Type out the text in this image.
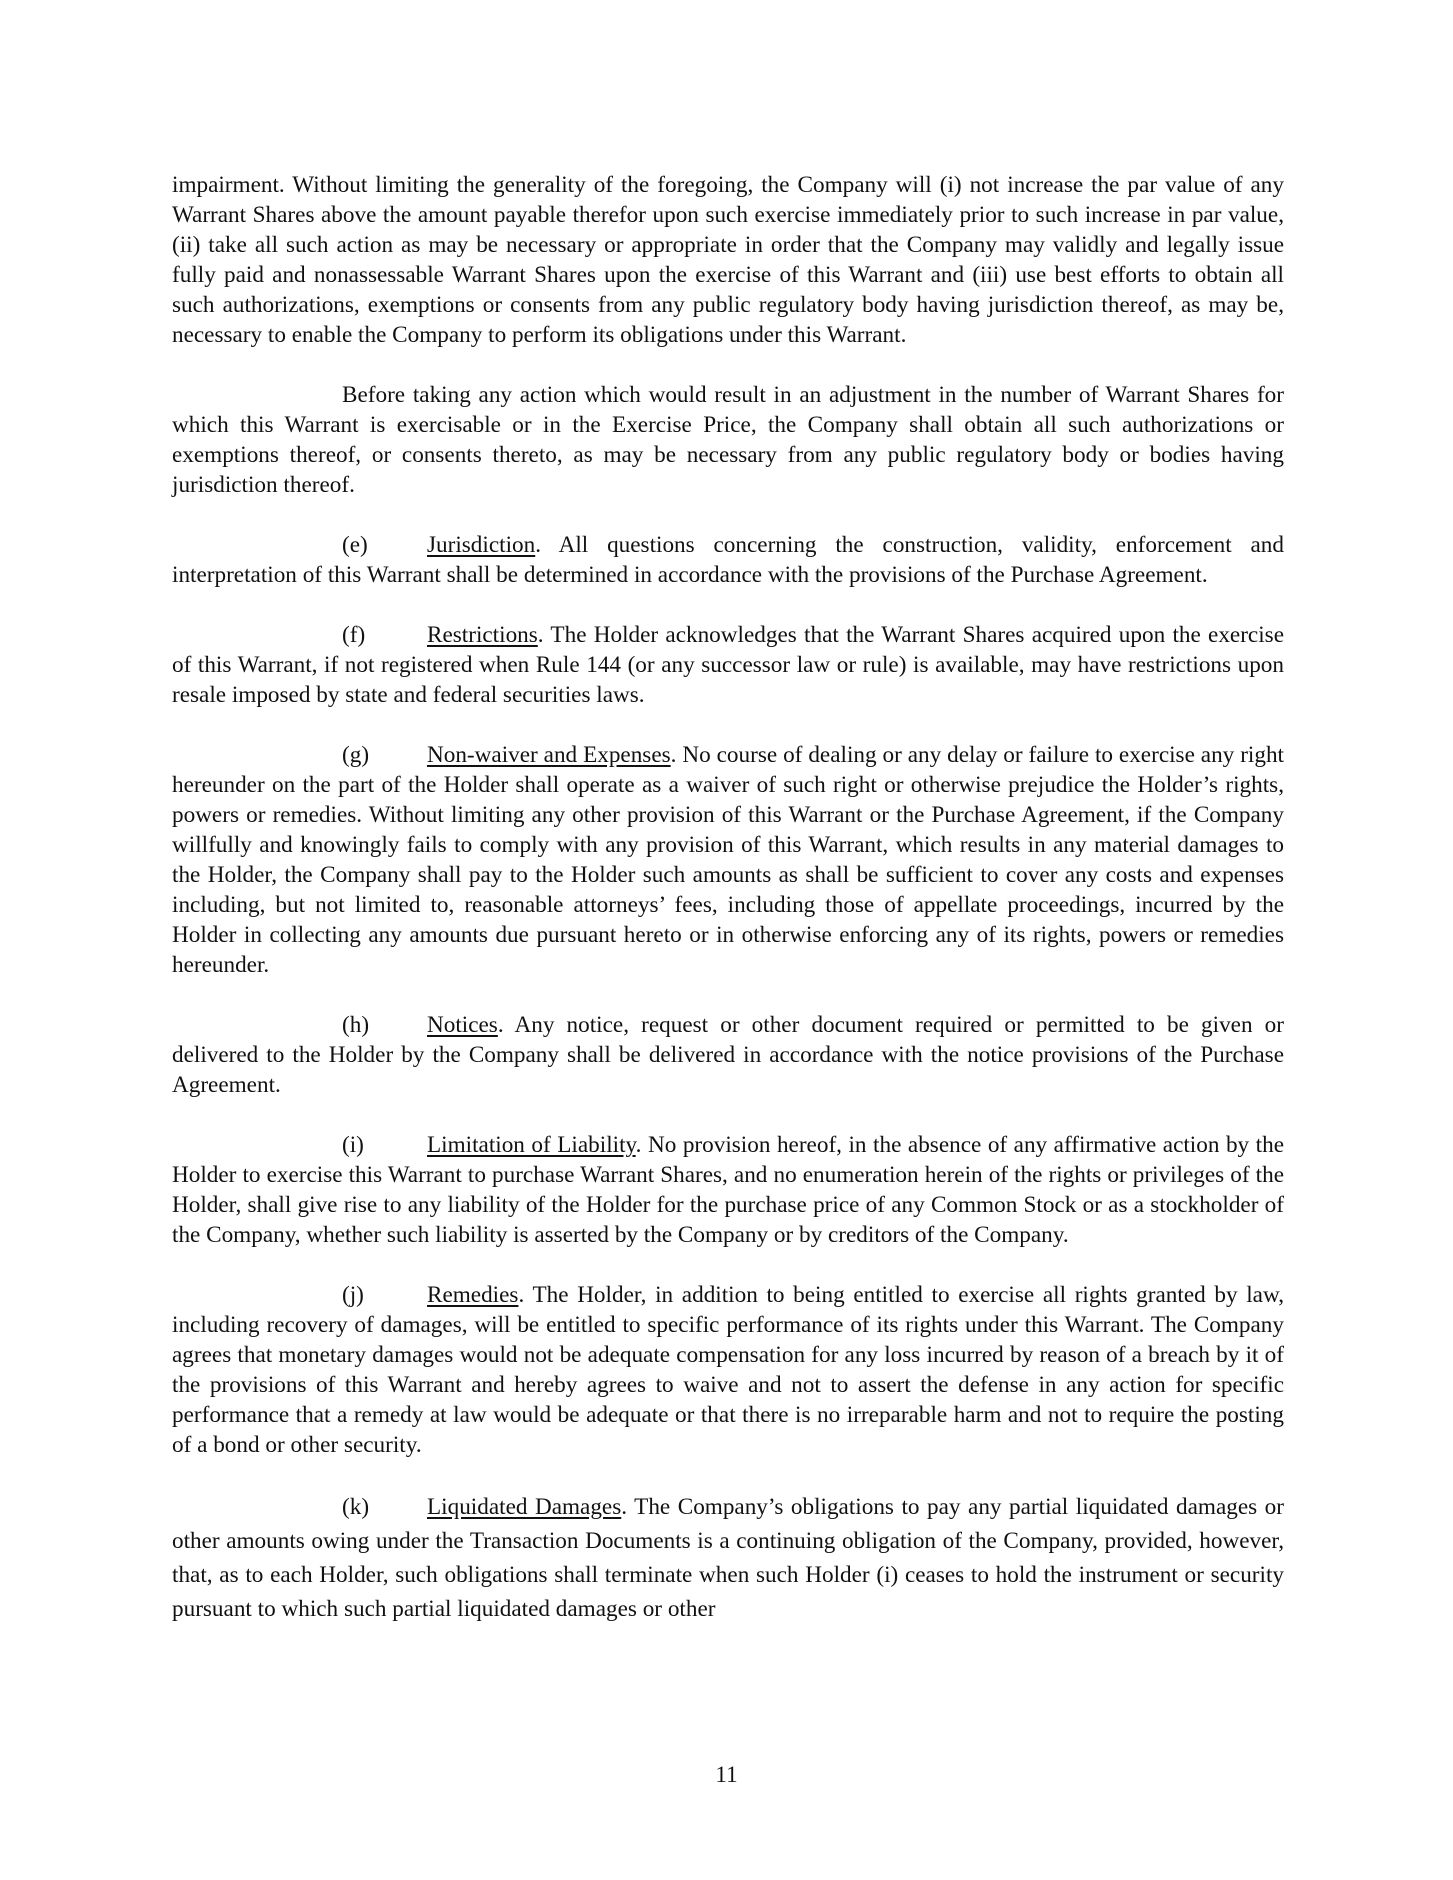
impairment. Without limiting the generality of the foregoing, the Company will (i) not increase the par value of any Warrant Shares above the amount payable therefor upon such exercise immediately prior to such increase in par value, (ii) take all such action as may be necessary or appropriate in order that the Company may validly and legally issue fully paid and nonassessable Warrant Shares upon the exercise of this Warrant and (iii) use best efforts to obtain all such authorizations, exemptions or consents from any public regulatory body having jurisdiction thereof, as may be, necessary to enable the Company to perform its obligations under this Warrant.

Before taking any action which would result in an adjustment in the number of Warrant Shares for which this Warrant is exercisable or in the Exercise Price, the Company shall obtain all such authorizations or exemptions thereof, or consents thereto, as may be necessary from any public regulatory body or bodies having jurisdiction thereof.

(e)	Jurisdiction. All questions concerning the construction, validity, enforcement and interpretation of this Warrant shall be determined in accordance with the provisions of the Purchase Agreement.

(f)	Restrictions. The Holder acknowledges that the Warrant Shares acquired upon the exercise of this Warrant, if not registered when Rule 144 (or any successor law or rule) is available, may have restrictions upon resale imposed by state and federal securities laws.

(g) Non-waiver and Expenses. No course of dealing or any delay or failure to exercise any right hereunder on the part of the Holder shall operate as a waiver of such right or otherwise prejudice the Holder’s rights, powers or remedies. Without limiting any other provision of this Warrant or the Purchase Agreement, if the Company willfully and knowingly fails to comply with any provision of this Warrant, which results in any material damages to the Holder, the Company shall pay to the Holder such amounts as shall be sufficient to cover any costs and expenses including, but not limited to, reasonable attorneys’ fees, including those of appellate proceedings, incurred by the Holder in collecting any amounts due pursuant hereto or in otherwise enforcing any of its rights, powers or remedies hereunder.

(h) Notices. Any notice, request or other document required or permitted to be given or delivered to the Holder by the Company shall be delivered in accordance with the notice provisions of the Purchase Agreement.

(i)	Limitation of Liability. No provision hereof, in the absence of any affirmative action by the Holder to exercise this Warrant to purchase Warrant Shares, and no enumeration herein of the rights or privileges of the Holder, shall give rise to any liability of the Holder for the purchase price of any Common Stock or as a stockholder of the Company, whether such liability is asserted by the Company or by creditors of the Company.

(j)	Remedies. The Holder, in addition to being entitled to exercise all rights granted by law, including recovery of damages, will be entitled to specific performance of its rights under this Warrant. The Company agrees that monetary damages would not be adequate compensation for any loss incurred by reason of a breach by it of the provisions of this Warrant and hereby agrees to waive and not to assert the defense in any action for specific performance that a remedy at law would be adequate or that there is no irreparable harm and not to require the posting of a bond or other security.

(k) Liquidated Damages. The Company’s obligations to pay any partial liquidated damages or other amounts owing under the Transaction Documents is a continuing obligation of the Company, provided, however, that, as to each Holder, such obligations shall terminate when such Holder (i) ceases to hold the instrument or security pursuant to which such partial liquidated damages or other

11
